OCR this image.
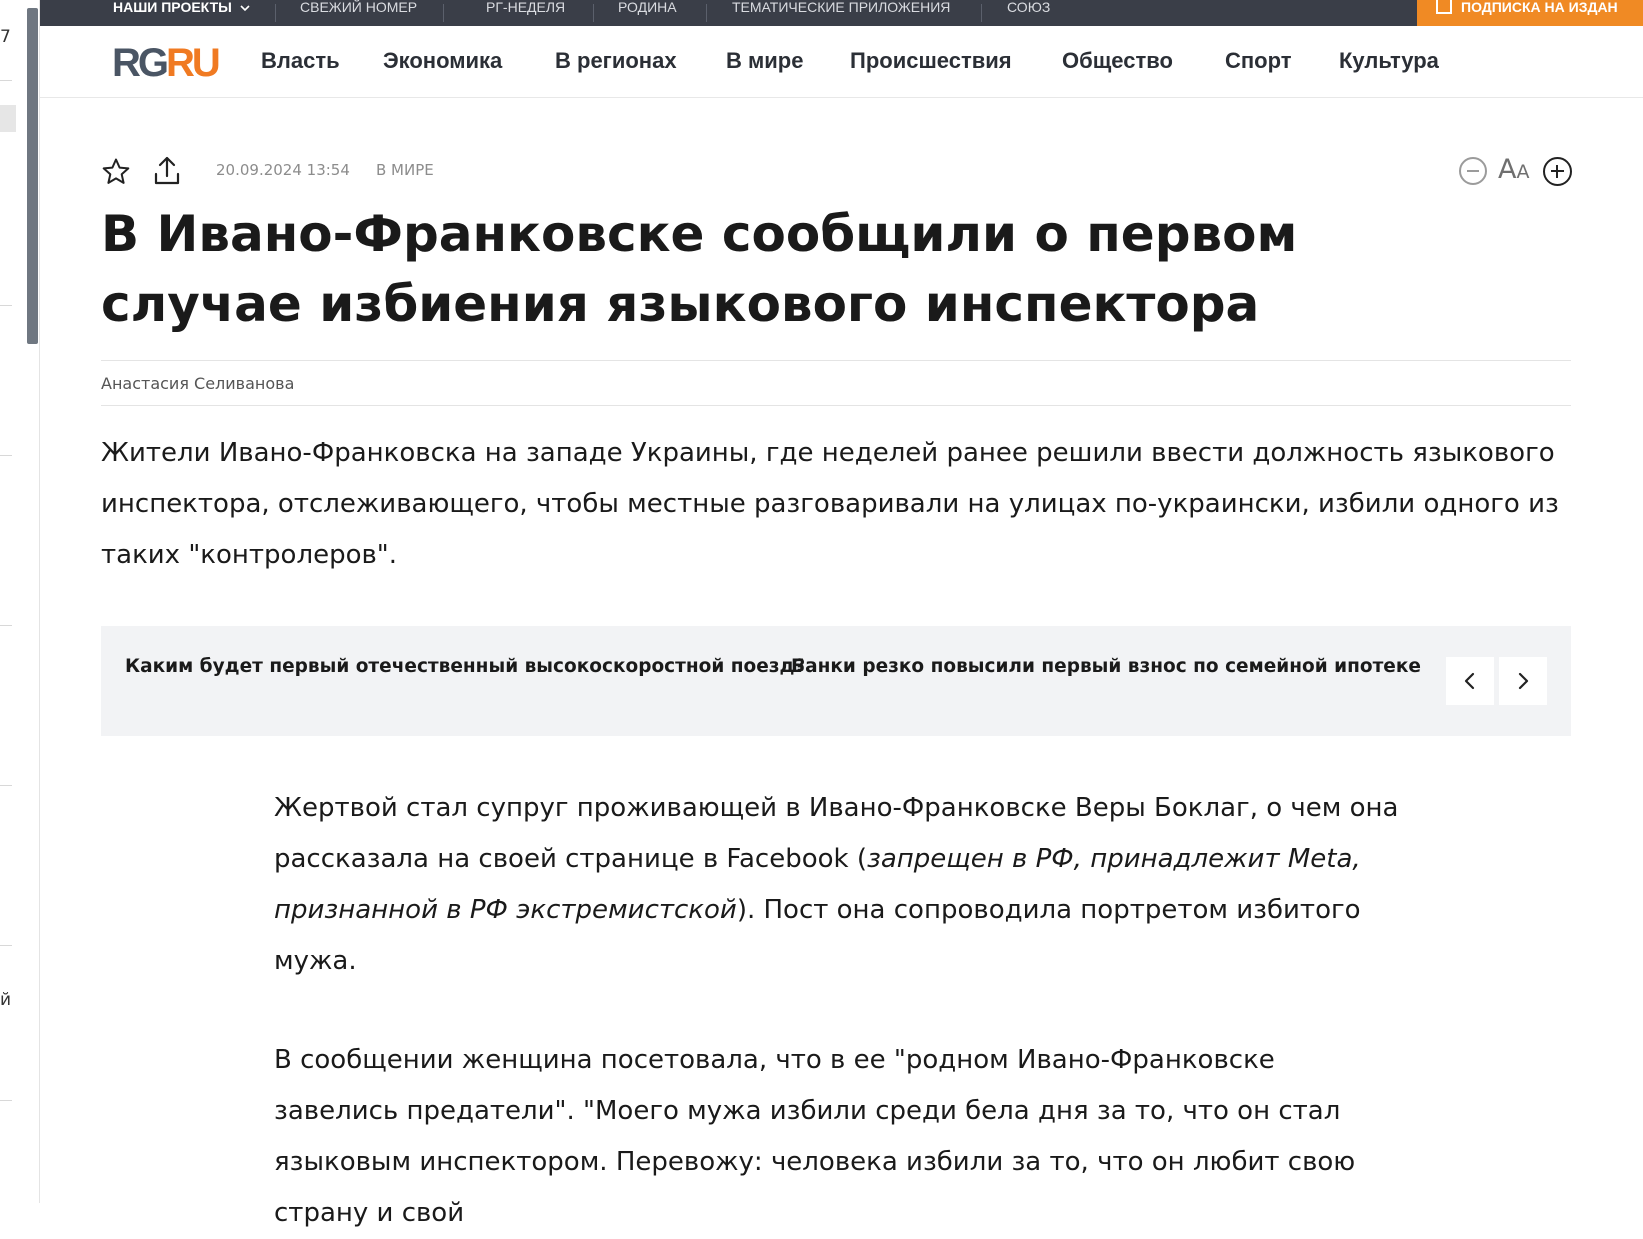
7
й
НАШИ ПРОЕКТЫ	СВЕЖИЙ НОМЕР	РГ-НЕДЕЛЯ	РОДИНА	ТЕМАТИЧЕСКИЕ ПРИЛОЖЕНИЯ	СОЮЗ	ПОДПИСКА НА ИЗДАН
RGRU Власть Экономика В регионах В мире Происшествия Общество Спорт Культура
20.09.2024 13:54 В МИРЕ	AA
В Ивано-Франковске сообщили о первом случае избиения языкового инспектора
Анастасия Селиванова

Жители Ивано-Франковска на западе Украины, где неделей ранее решили ввести должность языкового инспектора, отслеживающего, чтобы местные разговаривали на улицах по-украински, избили одного из таких "контролеров".

Каким будет первый отечественный высокоскоростной поезд?
Банки резко повысили первый взнос по семейной ипотеке

Жертвой стал супруг проживающей в Ивано-Франковске Веры Боклаг, о чем она рассказала на своей странице в Facebook (запрещен в РФ, принадлежит Meta, признанной в РФ экстремистской). Пост она сопроводила портретом избитого мужа.

В сообщении женщина посетовала, что в ее "родном Ивано-Франковске завелись предатели". "Моего мужа избили среди бела дня за то, что он стал языковым инспектором. Перевожу: человека избили за то, что он любит свою страну и свой
